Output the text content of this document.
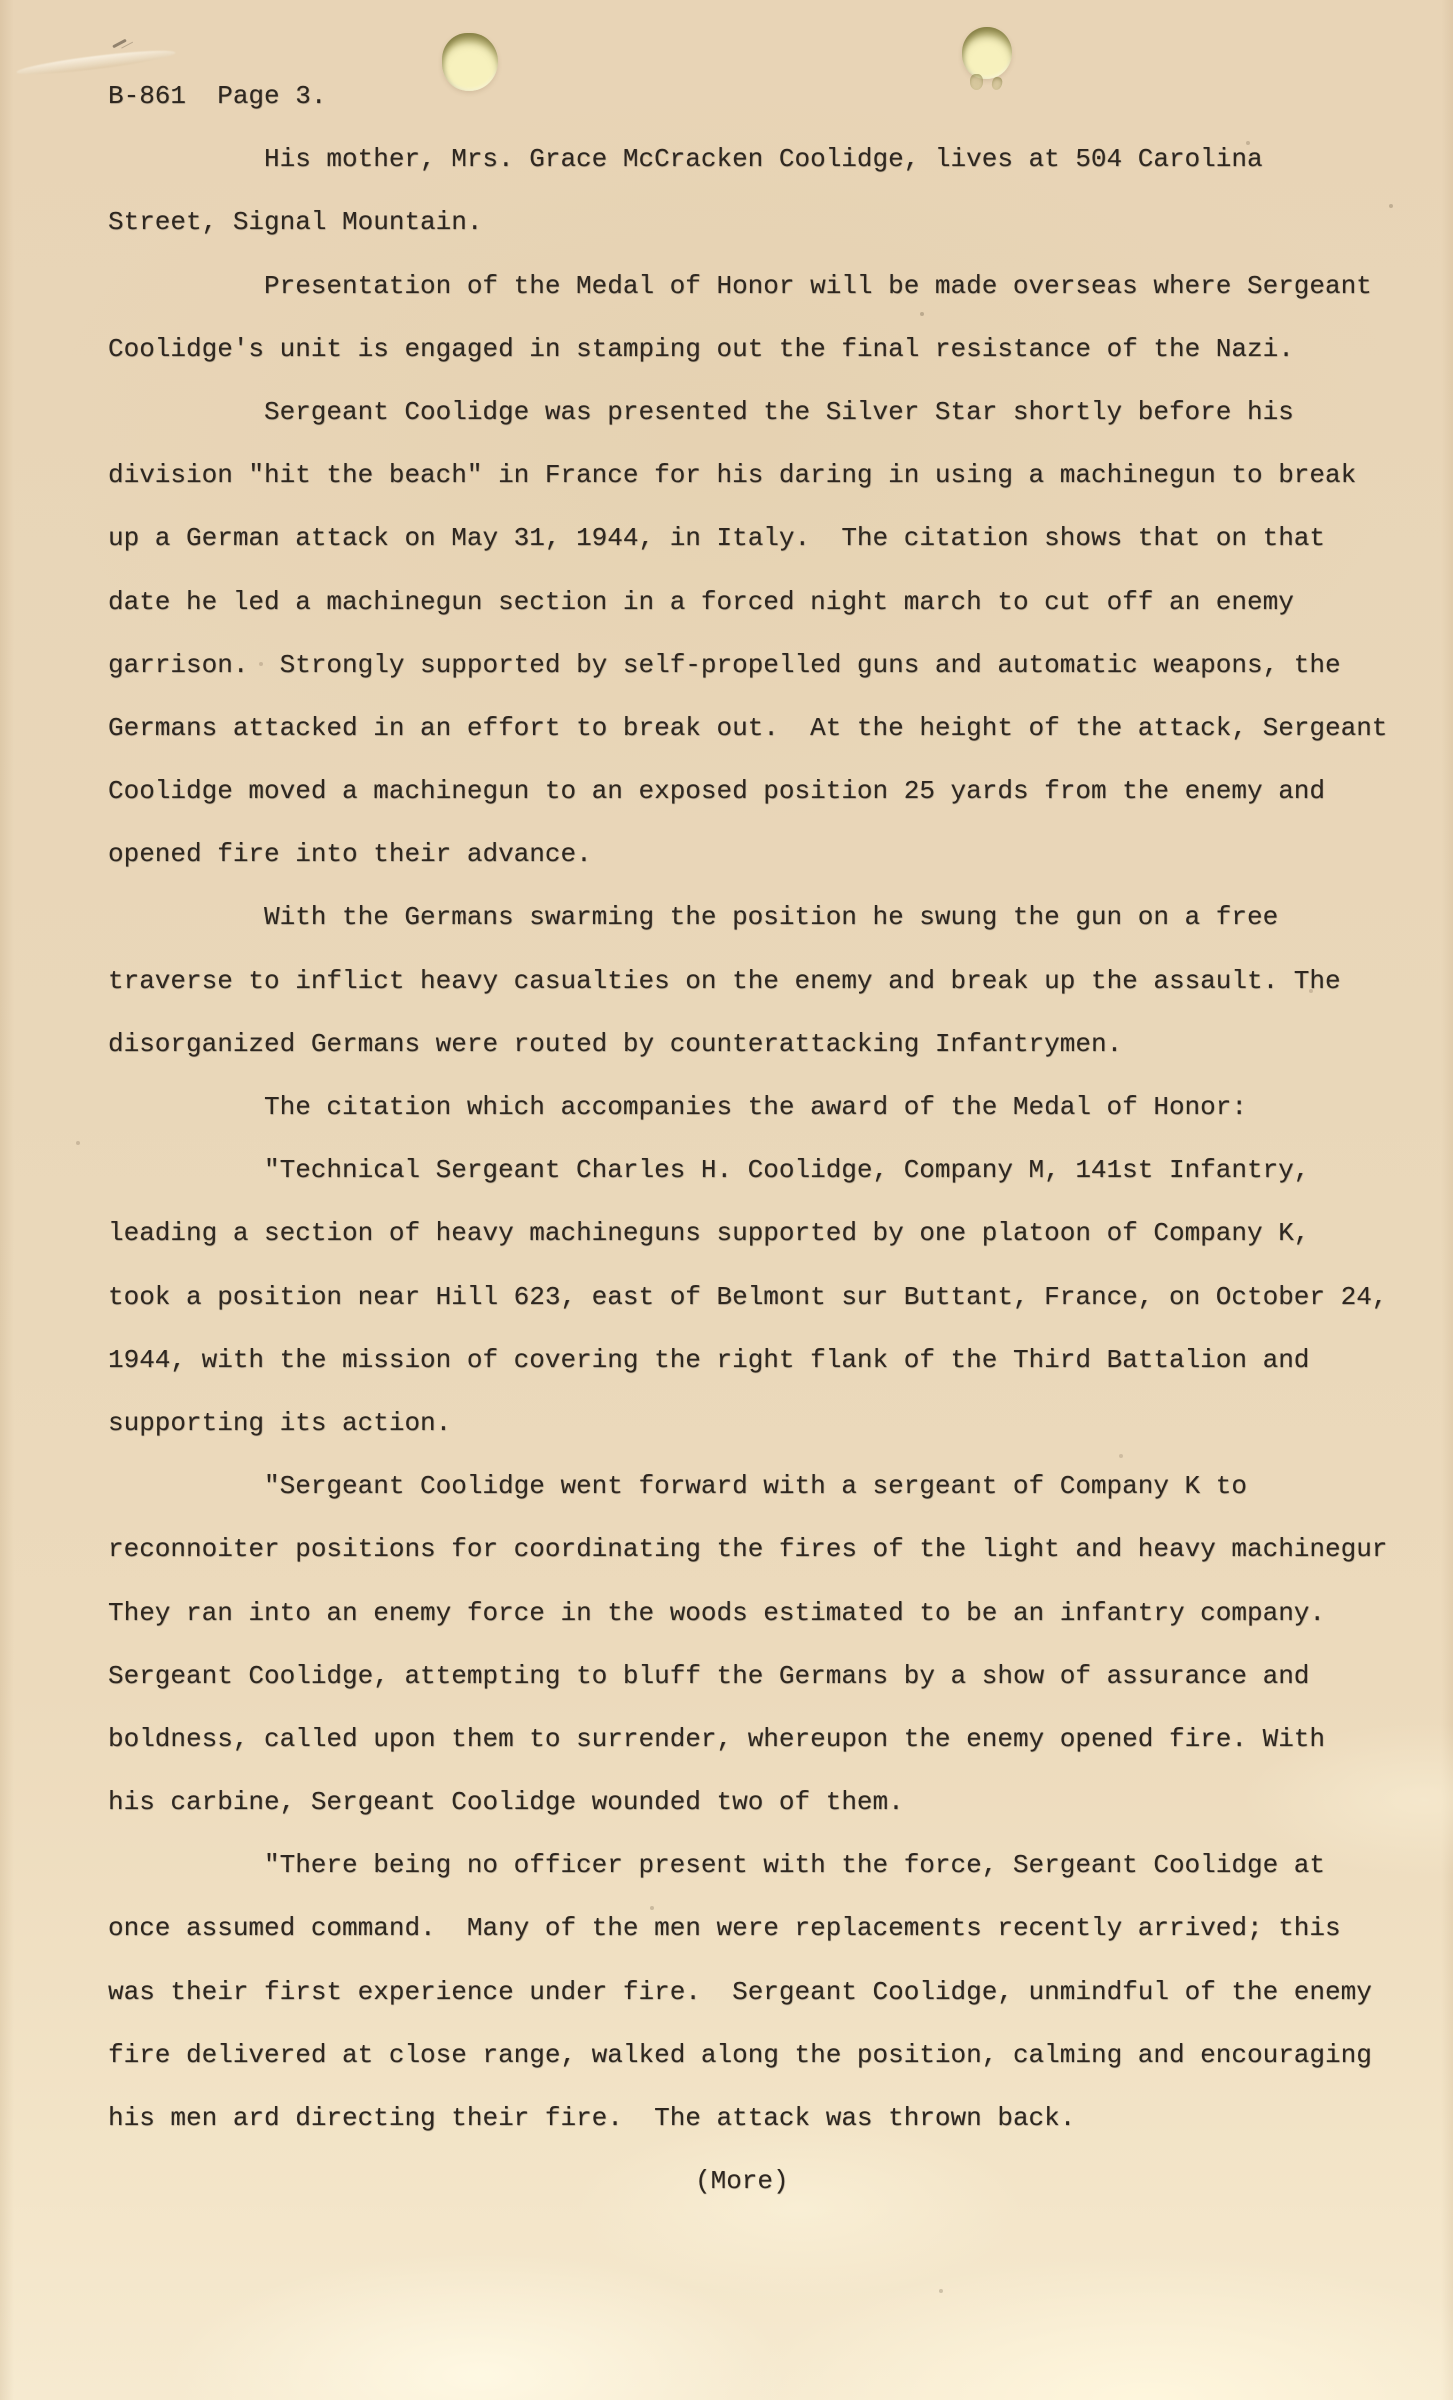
B-861  Page 3.
His mother, Mrs. Grace McCracken Coolidge, lives at 504 Carolina
Street, Signal Mountain.
Presentation of the Medal of Honor will be made overseas where Sergeant
Coolidge's unit is engaged in stamping out the final resistance of the Nazi.
Sergeant Coolidge was presented the Silver Star shortly before his
division "hit the beach" in France for his daring in using a machinegun to break
up a German attack on May 31, 1944, in Italy.  The citation shows that on that
date he led a machinegun section in a forced night march to cut off an enemy
garrison.  Strongly supported by self-propelled guns and automatic weapons, the
Germans attacked in an effort to break out.  At the height of the attack, Sergeant
Coolidge moved a machinegun to an exposed position 25 yards from the enemy and
opened fire into their advance.
With the Germans swarming the position he swung the gun on a free
traverse to inflict heavy casualties on the enemy and break up the assault. The
disorganized Germans were routed by counterattacking Infantrymen.
The citation which accompanies the award of the Medal of Honor:
"Technical Sergeant Charles H. Coolidge, Company M, 141st Infantry,
leading a section of heavy machineguns supported by one platoon of Company K,
took a position near Hill 623, east of Belmont sur Buttant, France, on October 24,
1944, with the mission of covering the right flank of the Third Battalion and
supporting its action.
"Sergeant Coolidge went forward with a sergeant of Company K to
reconnoiter positions for coordinating the fires of the light and heavy machinegur
They ran into an enemy force in the woods estimated to be an infantry company.
Sergeant Coolidge, attempting to bluff the Germans by a show of assurance and
boldness, called upon them to surrender, whereupon the enemy opened fire. With
his carbine, Sergeant Coolidge wounded two of them.
"There being no officer present with the force, Sergeant Coolidge at
once assumed command.  Many of the men were replacements recently arrived; this
was their first experience under fire.  Sergeant Coolidge, unmindful of the enemy
fire delivered at close range, walked along the position, calming and encouraging
his men ard directing their fire.  The attack was thrown back.
(More)
